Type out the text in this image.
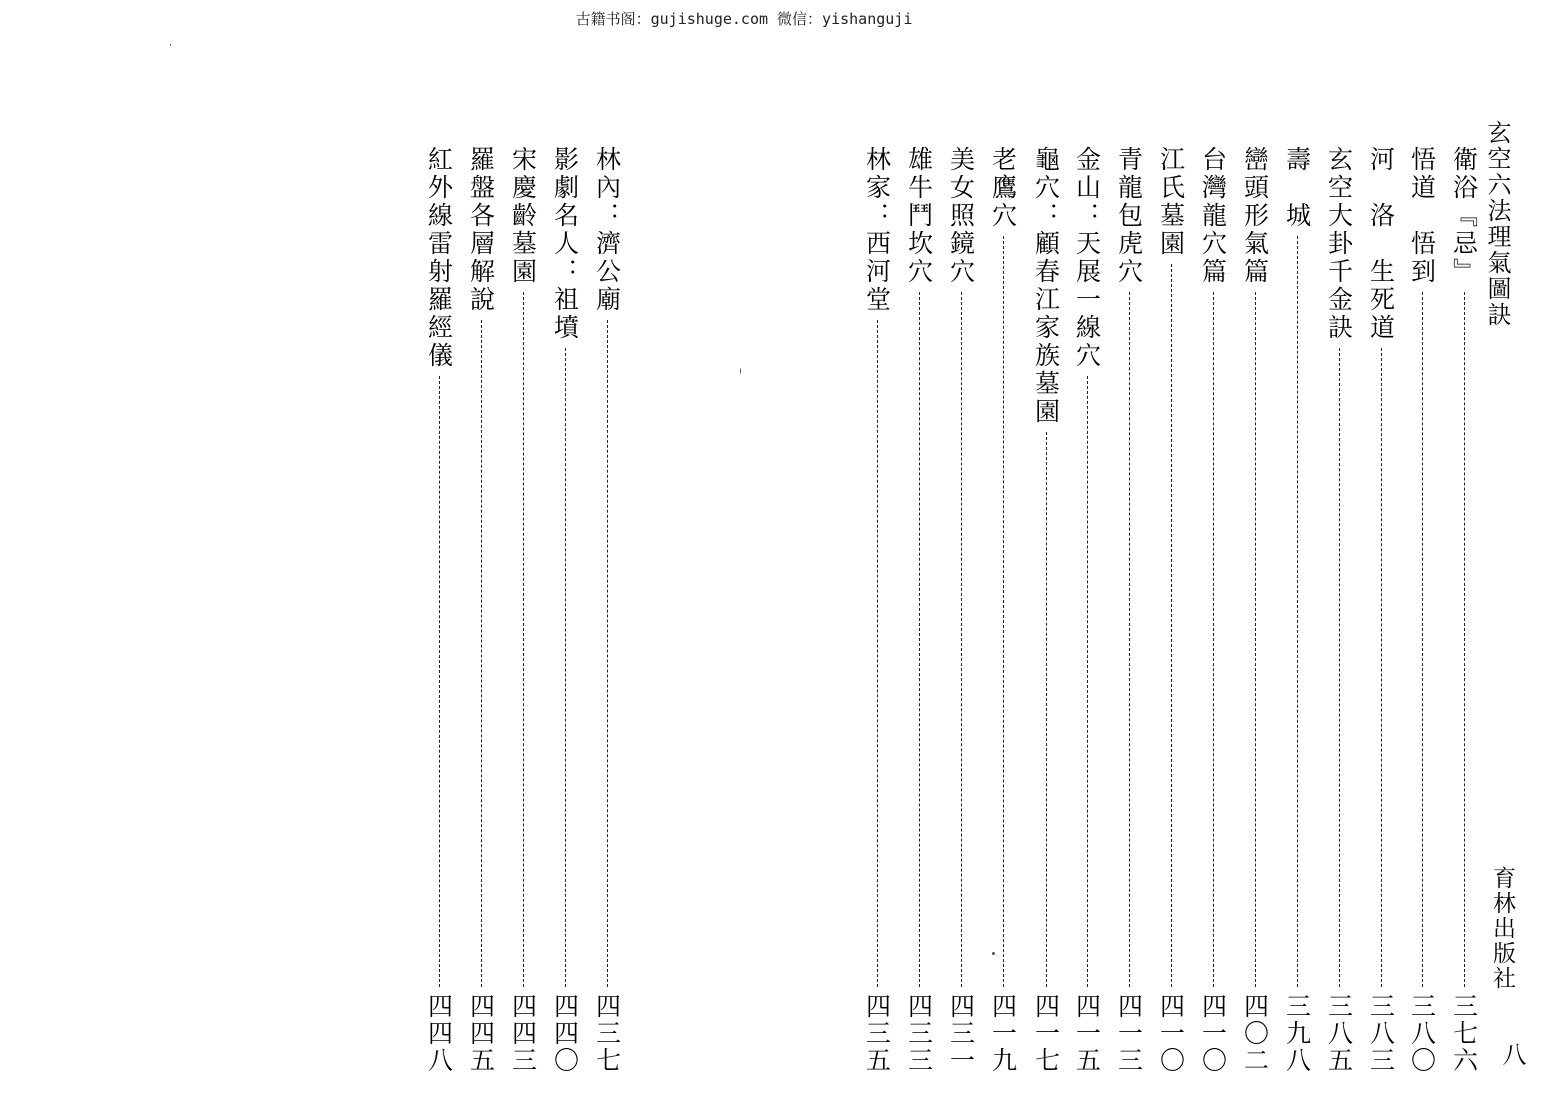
古籍书阁：gujishuge.com 微信：yishanguji
玄空六法理氣圖訣
育林出版社
八
衛浴『忌』
三七六
悟道　悟到
三八〇
河　洛　生死道
三八三
玄空大卦千金訣
三八五
壽　城
三九八
巒頭形氣篇
四〇二
台灣龍穴篇
四一〇
江氏墓園
四一〇
青龍包虎穴
四一三
金山：天展一線穴
四一五
龜穴：顧春江家族墓園
四一七
老鷹穴
四一九
美女照鏡穴
四三一
雄牛鬥坎穴
四三三
林家：西河堂
四三五
林內：濟公廟
四三七
影劇名人：祖墳
四四〇
宋慶齡墓園
四四三
羅盤各層解說
四四五
紅外線雷射羅經儀
四四八
